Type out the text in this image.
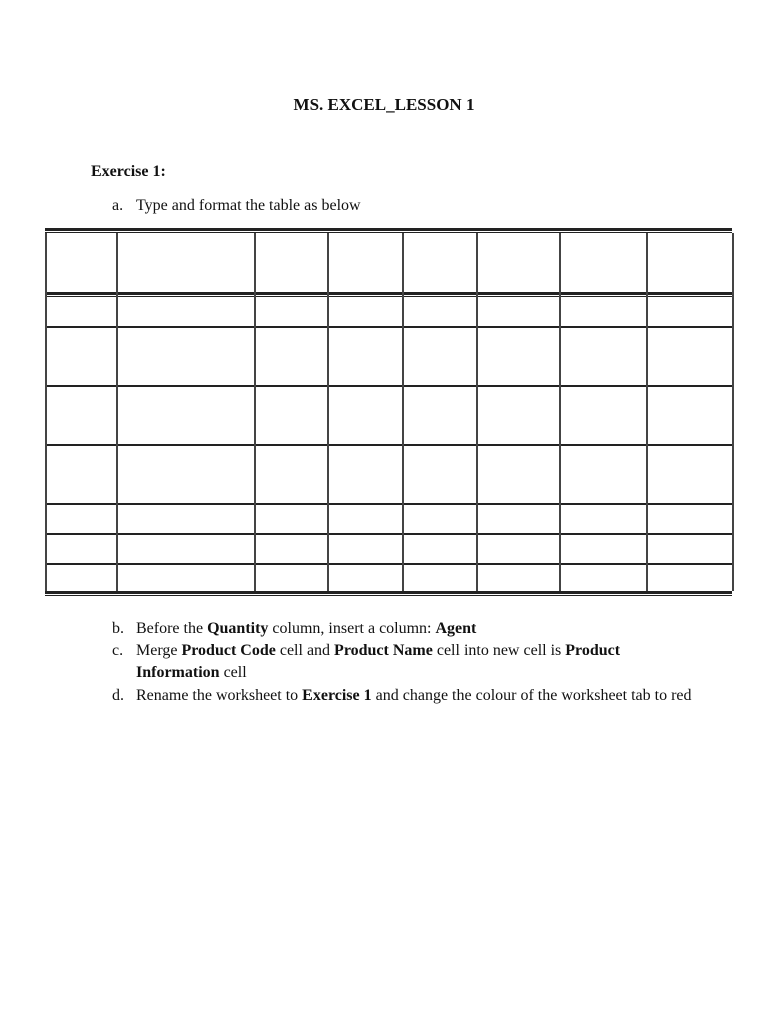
MS. EXCEL_LESSON 1
Exercise 1:
a. Type and format the table as below
b. Before the Quantity column, insert a column: Agent
c. Merge Product Code cell and Product Name cell into new cell is Product Information cell
d. Rename the worksheet to Exercise 1 and change the colour of the worksheet tab to red
